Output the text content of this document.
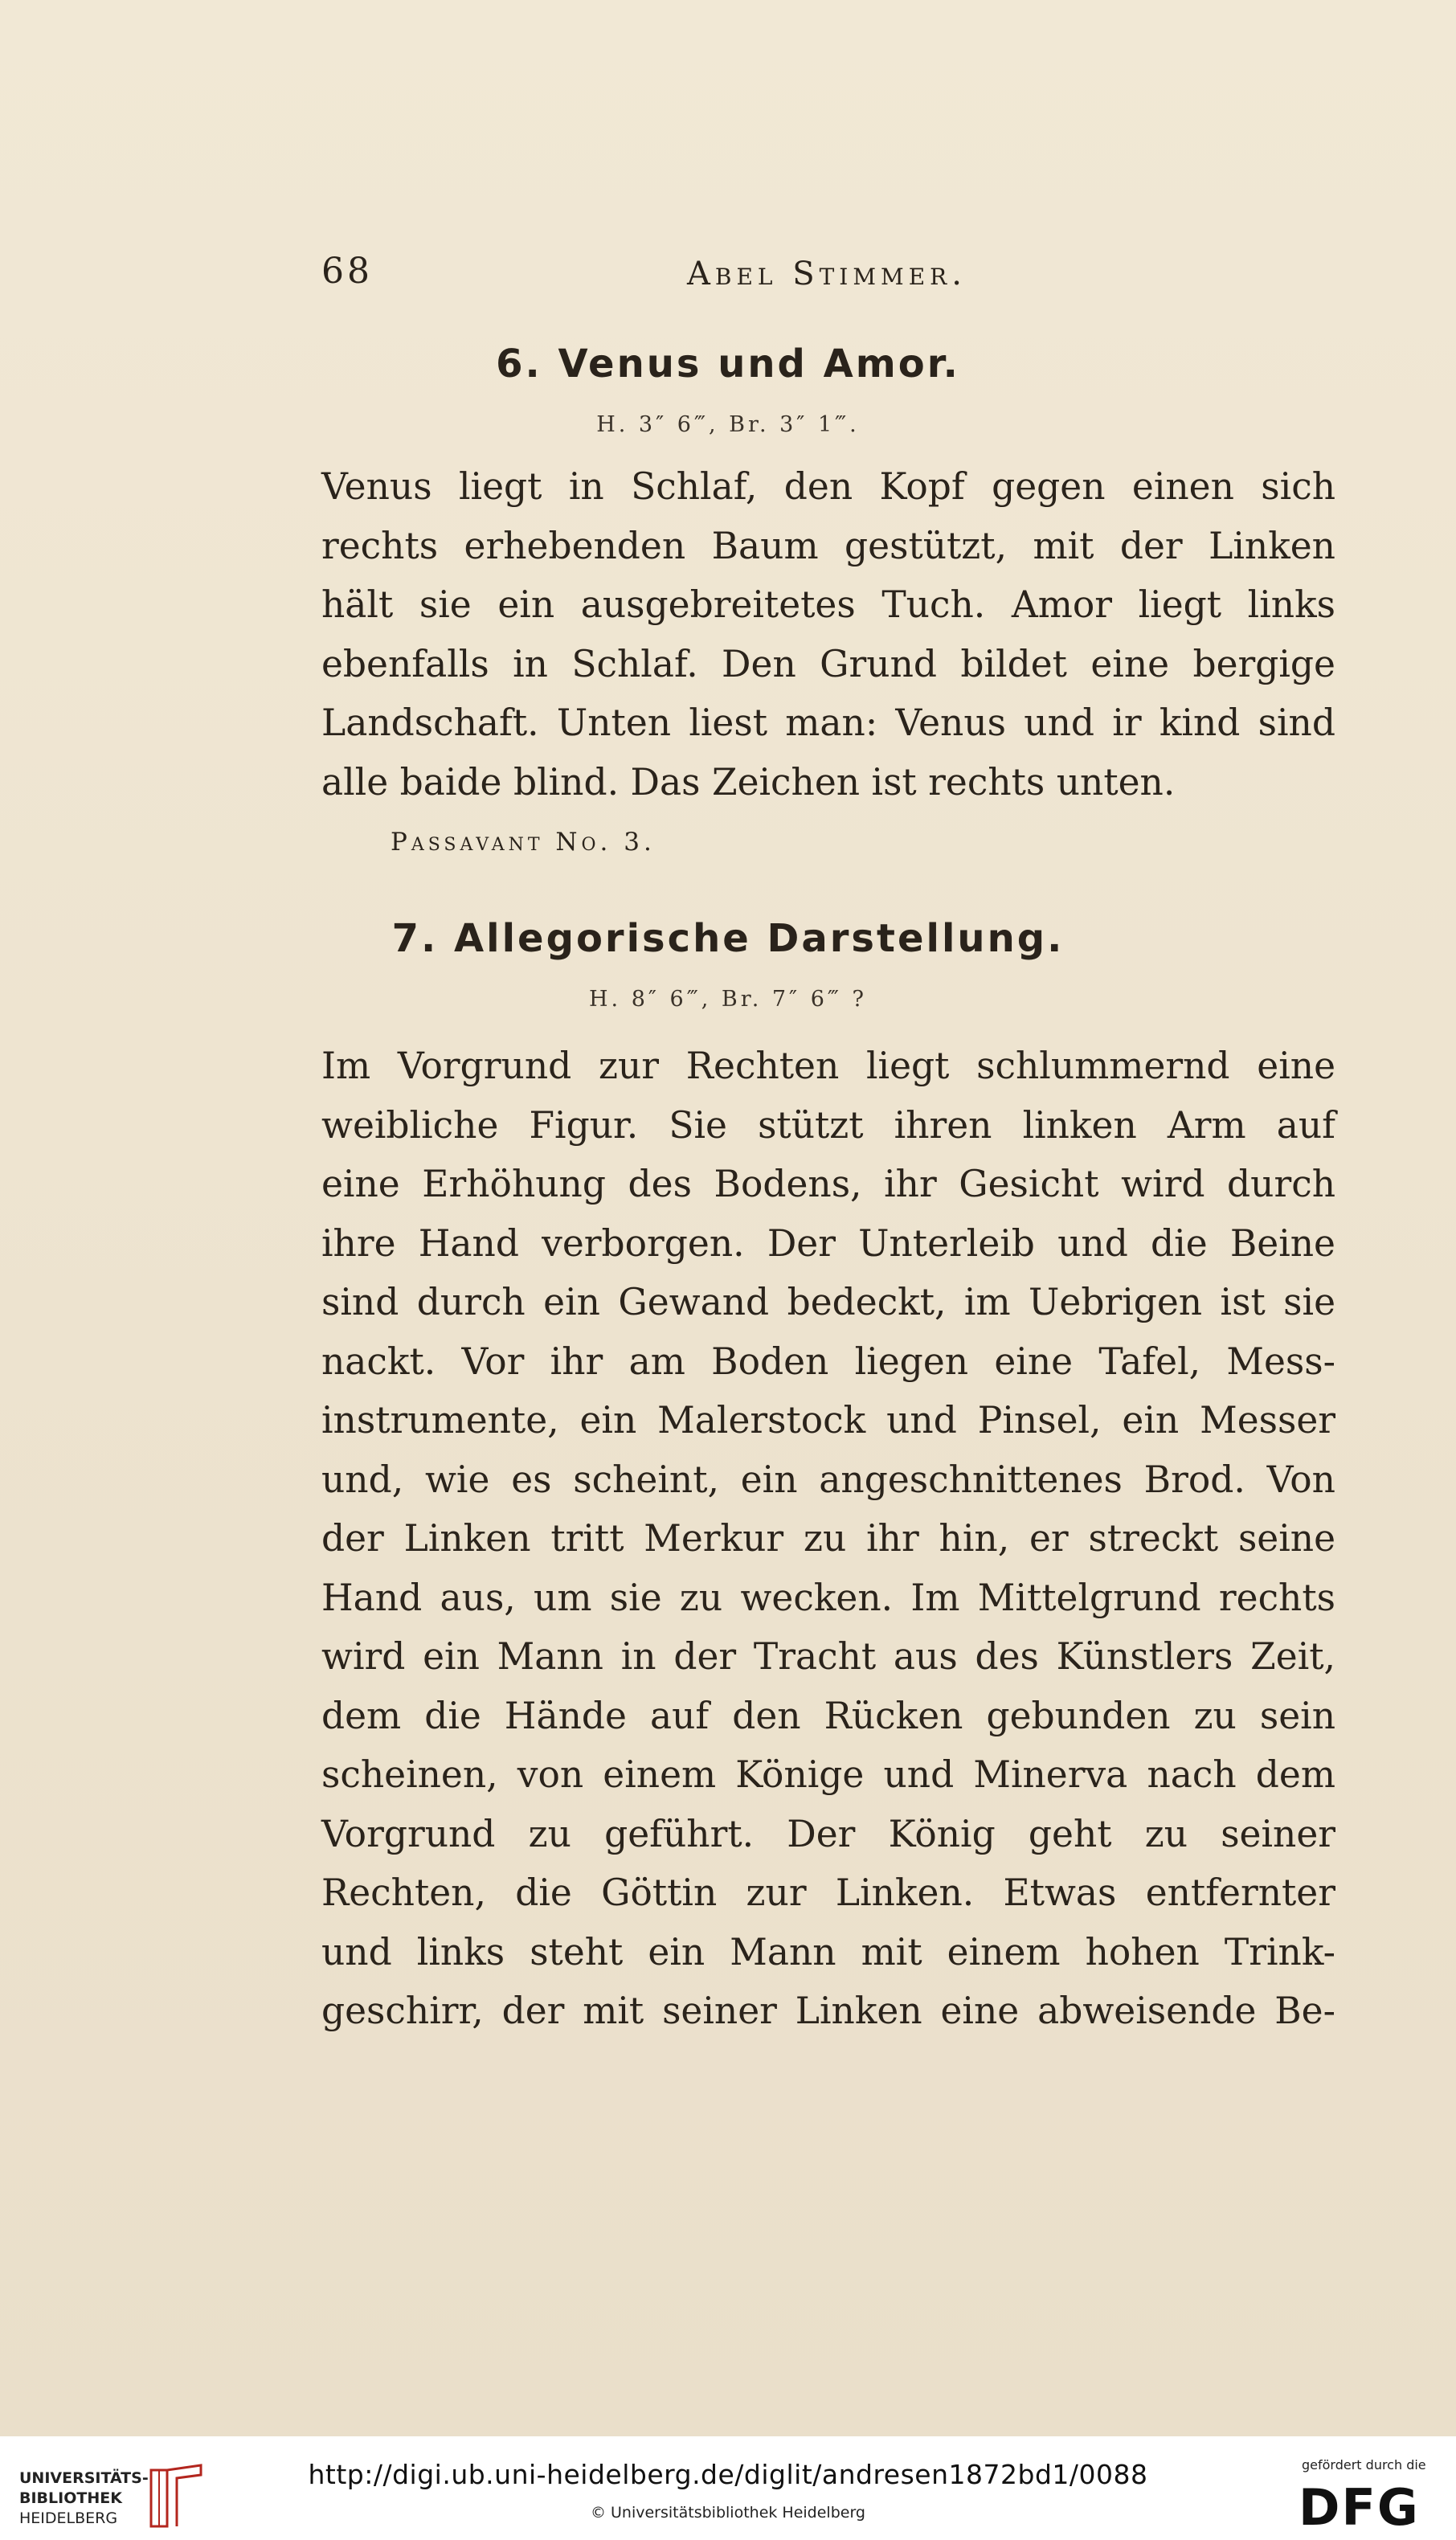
68	Abel Stimmer.
6. Venus und Amor.
H. 3″ 6‴, Br. 3″ 1‴.
Venus liegt in Schlaf, den Kopf gegen einen sich
rechts erhebenden Baum gestützt, mit der Linken
hält sie ein ausgebreitetes Tuch. Amor liegt links
ebenfalls in Schlaf. Den Grund bildet eine bergige
Landschaft. Unten liest man: Venus und ir kind sind
alle baide blind. Das Zeichen ist rechts unten.
Passavant No. 3.
7. Allegorische Darstellung.
H. 8″ 6‴, Br. 7″ 6‴ ?
Im Vorgrund zur Rechten liegt schlummernd eine
weibliche Figur. Sie stützt ihren linken Arm auf
eine Erhöhung des Bodens, ihr Gesicht wird durch
ihre Hand verborgen. Der Unterleib und die Beine
sind durch ein Gewand bedeckt, im Uebrigen ist sie
nackt. Vor ihr am Boden liegen eine Tafel, Mess-
instrumente, ein Malerstock und Pinsel, ein Messer
und, wie es scheint, ein angeschnittenes Brod. Von
der Linken tritt Merkur zu ihr hin, er streckt seine
Hand aus, um sie zu wecken. Im Mittelgrund rechts
wird ein Mann in der Tracht aus des Künstlers Zeit,
dem die Hände auf den Rücken gebunden zu sein
scheinen, von einem Könige und Minerva nach dem
Vorgrund zu geführt. Der König geht zu seiner
Rechten, die Göttin zur Linken. Etwas entfernter
und links steht ein Mann mit einem hohen Trink-
geschirr, der mit seiner Linken eine abweisende Be-
UNIVERSITÄTS-
BIBLIOTHEK
HEIDELBERG
http://digi.ub.uni-heidelberg.de/diglit/andresen1872bd1/0088
© Universitätsbibliothek Heidelberg
gefördert durch die
DFG
